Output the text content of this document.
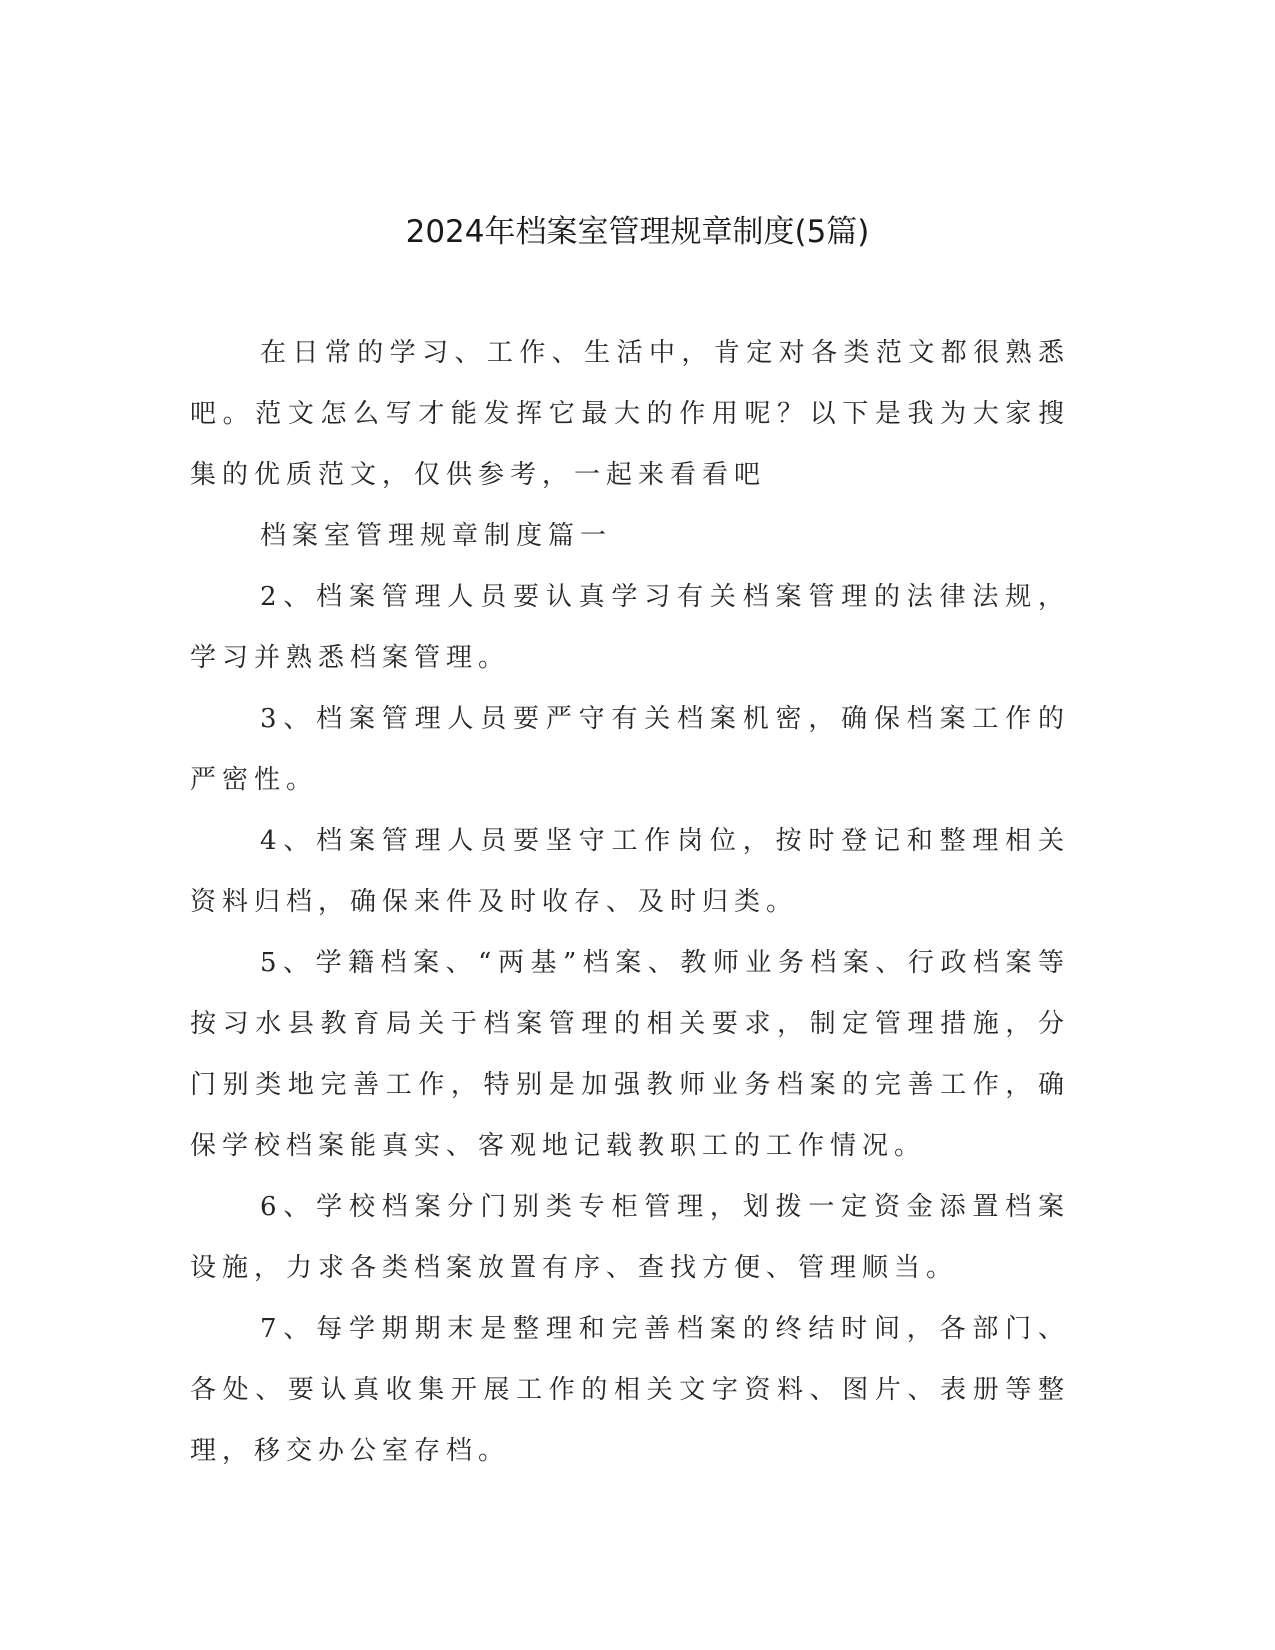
2024年档案室管理规章制度(5篇)

在日常的学习、工作、生活中，肯定对各类范文都很熟悉吧。范文怎么写才能发挥它最大的作用呢？以下是我为大家搜集的优质范文，仅供参考，一起来看看吧

档案室管理规章制度篇一

2、档案管理人员要认真学习有关档案管理的法律法规，学习并熟悉档案管理。

3、档案管理人员要严守有关档案机密，确保档案工作的严密性。

4、档案管理人员要坚守工作岗位，按时登记和整理相关资料归档，确保来件及时收存、及时归类。

5、学籍档案、“两基”档案、教师业务档案、行政档案等按习水县教育局关于档案管理的相关要求，制定管理措施，分门别类地完善工作，特别是加强教师业务档案的完善工作，确保学校档案能真实、客观地记载教职工的工作情况。

6、学校档案分门别类专柜管理，划拨一定资金添置档案设施，力求各类档案放置有序、查找方便、管理顺当。

7、每学期期末是整理和完善档案的终结时间，各部门、各处、要认真收集开展工作的相关文字资料、图片、表册等整理，移交办公室存档。
